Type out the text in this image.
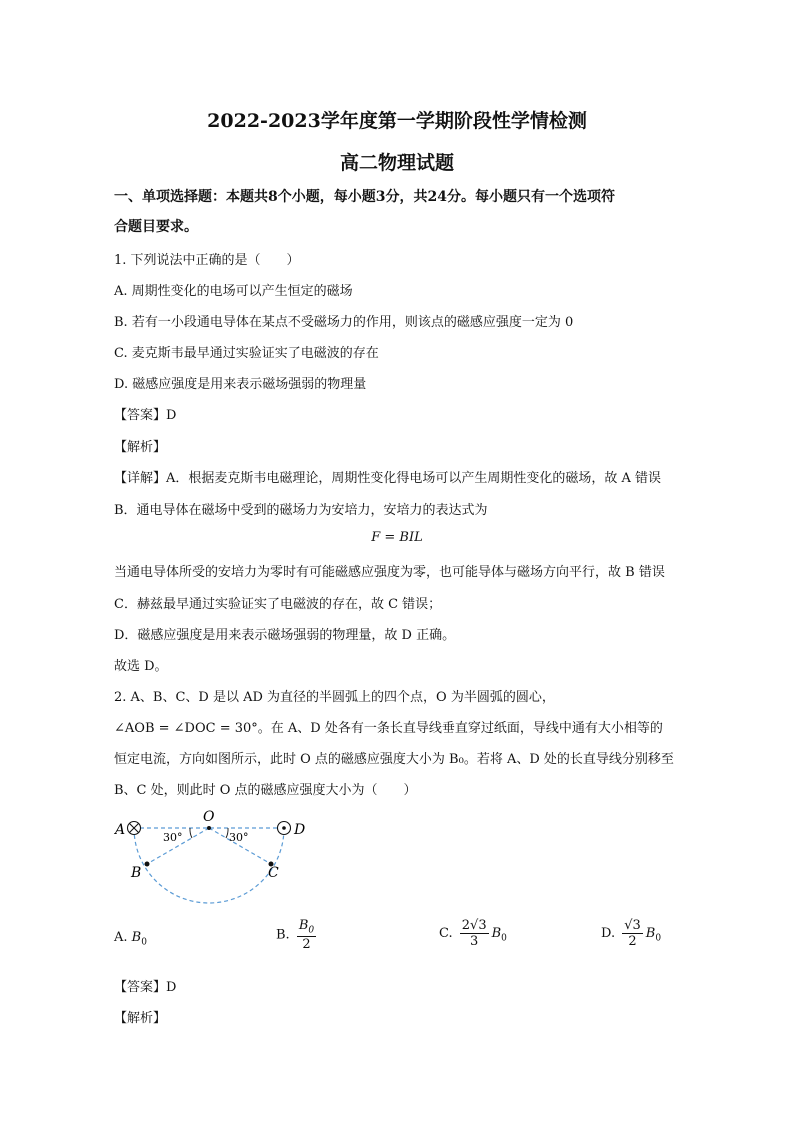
2022-2023学年度第一学期阶段性学情检测
高二物理试题
一、单项选择题：本题共8个小题，每小题3分，共24分。每小题只有一个选项符
合题目要求。
1. 下列说法中正确的是（　　）
A. 周期性变化的电场可以产生恒定的磁场
B. 若有一小段通电导体在某点不受磁场力的作用，则该点的磁感应强度一定为 0
C. 麦克斯韦最早通过实验证实了电磁波的存在
D. 磁感应强度是用来表示磁场强弱的物理量
【答案】D
【解析】
【详解】A．根据麦克斯韦电磁理论，周期性变化得电场可以产生周期性变化的磁场，故 A 错误
B．通电导体在磁场中受到的磁场力为安培力，安培力的表达式为
F = BIL
当通电导体所受的安培力为零时有可能磁感应强度为零，也可能导体与磁场方向平行，故 B 错误
C．赫兹最早通过实验证实了电磁波的存在，故 C 错误；
D．磁感应强度是用来表示磁场强弱的物理量，故 D 正确。
故选 D。
2. A、B、C、D 是以 AD 为直径的半圆弧上的四个点，O 为半圆弧的圆心，
∠AOB = ∠DOC = 30°。在 A、D 处各有一条长直导线垂直穿过纸面，导线中通有大小相等的
恒定电流，方向如图所示，此时 O 点的磁感应强度大小为 B₀。若将 A、D 处的长直导线分别移至
B、C 处，则此时 O 点的磁感应强度大小为（　　）
A	D
O
B	C
30°	30°
A. $B_0$
B. $\frac{B_0}{2}$	C. $\frac{2√3}{3} B_0$	D. $\frac{√3}{2} B_0$
【答案】D
【解析】
